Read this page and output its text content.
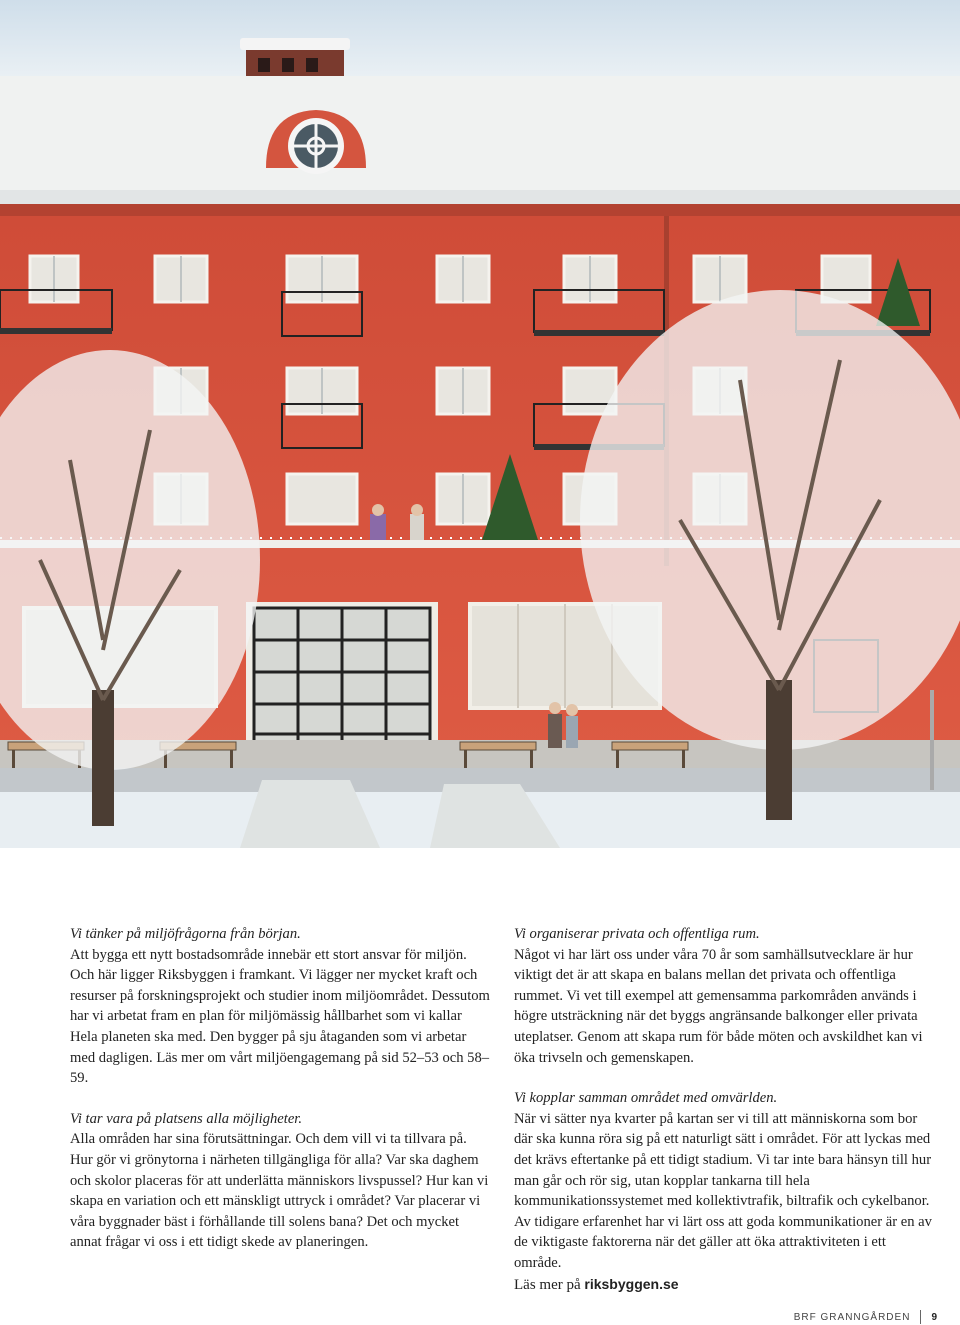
Vi tänker på miljöfrågorna från början.

Att bygga ett nytt bostadsområde innebär ett stort ansvar för miljön. Och här ligger Riksbyggen i framkant. Vi lägger ner mycket kraft och resurser på forskningsprojekt och studier inom miljöområdet. Dessutom har vi arbetat fram en plan för miljömässig hållbarhet som vi kallar Hela planeten ska med. Den bygger på sju åtaganden som vi arbetar med dagligen. Läs mer om vårt miljöengagemang på sid 52–53 och 58–59.

Vi tar vara på platsens alla möjligheter.

Alla områden har sina förutsättningar. Och dem vill vi ta tillvara på. Hur gör vi grönytorna i närheten tillgängliga för alla? Var ska daghem och skolor placeras för att underlätta människors livspussel? Hur kan vi skapa en variation och ett mänskligt uttryck i området? Var placerar vi våra byggnader bäst i förhållande till solens bana? Det och mycket annat frågar vi oss i ett tidigt skede av planeringen.

Vi organiserar privata och offentliga rum.

Något vi har lärt oss under våra 70 år som samhällsutvecklare är hur viktigt det är att skapa en balans mellan det privata och offentliga rummet. Vi vet till exempel att gemensamma parkområden används i högre utsträckning när det byggs angränsande balkonger eller privata uteplatser. Genom att skapa rum för både möten och avskildhet kan vi öka trivseln och gemenskapen.

Vi kopplar samman området med omvärlden.

När vi sätter nya kvarter på kartan ser vi till att människorna som bor där ska kunna röra sig på ett naturligt sätt i området. För att lyckas med det krävs eftertanke på ett tidigt stadium. Vi tar inte bara hänsyn till hur man går och rör sig, utan kopplar tankarna till hela kommunikationssystemet med kollektivtrafik, biltrafik och cykelbanor. Av tidigare erfarenhet har vi lärt oss att goda kommunikationer är en av de viktigaste faktorerna när det gäller att öka attraktiviteten i ett område.

Läs mer på riksbyggen.se
BRF GRANNGÅRDEN 9
